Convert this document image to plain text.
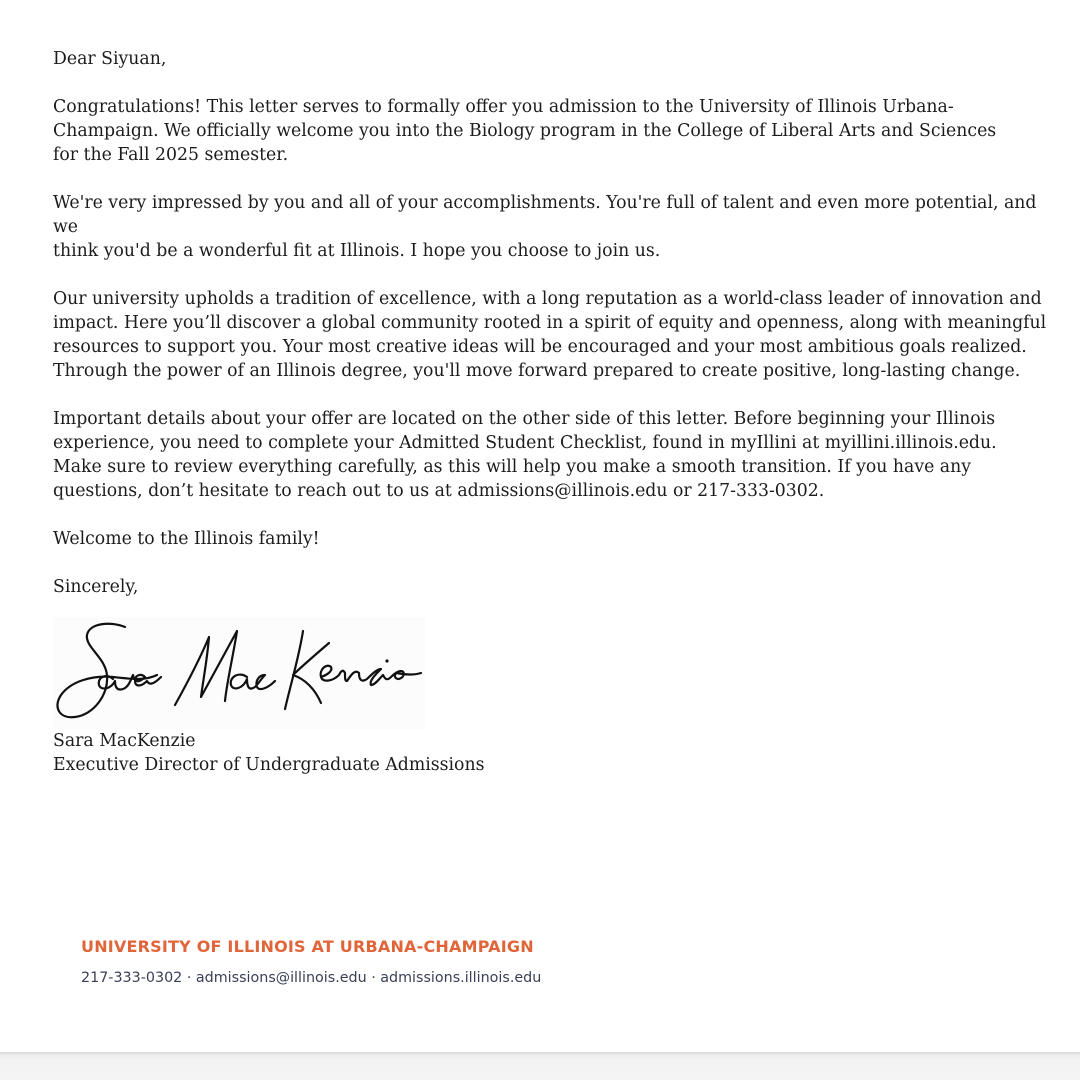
Dear Siyuan,

Congratulations! This letter serves to formally offer you admission to the University of Illinois Urbana-
Champaign. We officially welcome you into the Biology program in the College of Liberal Arts and Sciences
for the Fall 2025 semester.

We're very impressed by you and all of your accomplishments. You're full of talent and even more potential, and we
think you'd be a wonderful fit at Illinois. I hope you choose to join us.

Our university upholds a tradition of excellence, with a long reputation as a world-class leader of innovation and
impact. Here you’ll discover a global community rooted in a spirit of equity and openness, along with meaningful
resources to support you. Your most creative ideas will be encouraged and your most ambitious goals realized.
Through the power of an Illinois degree, you'll move forward prepared to create positive, long-lasting change.

Important details about your offer are located on the other side of this letter. Before beginning your Illinois
experience, you need to complete your Admitted Student Checklist, found in myIllini at myillini.illinois.edu.
Make sure to review everything carefully, as this will help you make a smooth transition. If you have any
questions, don’t hesitate to reach out to us at admissions@illinois.edu or 217-333-0302.

Welcome to the Illinois family!

Sincerely,

Sara MacKenzie
Executive Director of Undergraduate Admissions
UNIVERSITY OF ILLINOIS AT URBANA-CHAMPAIGN
217-333-0302 · admissions@illinois.edu · admissions.illinois.edu
